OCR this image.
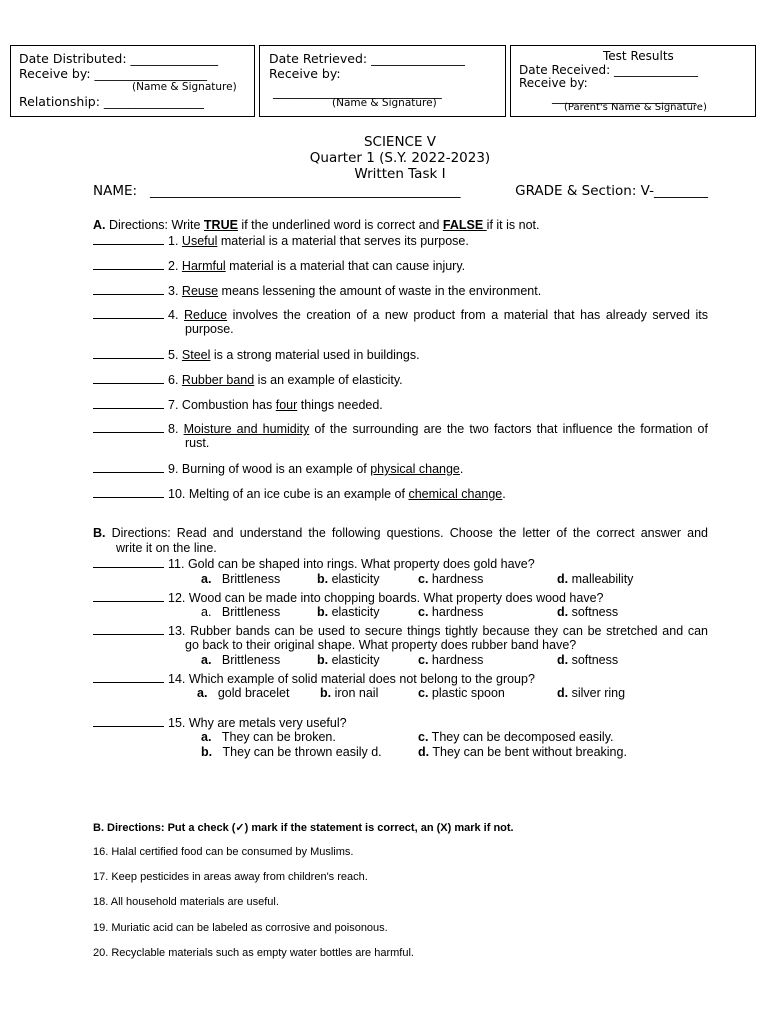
Date Distributed: ______________
Receive by: __________________
(Name & Signature)
Relationship: ________________
Date Retrieved: _______________
Receive by:
___________________________
(Name & Signature)
Test Results
Date Received: ______________
Receive by:
________________________
(Parent's Name & Signature)
SCIENCE V
Quarter 1 (S.Y. 2022-2023)
Written Task I
NAME: ______________________________________________	GRADE & Section: V-________
A. Directions: Write TRUE if the underlined word is correct and FALSE if it is not.
1. Useful material is a material that serves its purpose.
2. Harmful material is a material that can cause injury.
3. Reuse means lessening the amount of waste in the environment.
4. Reduce involves the creation of a new product from a material that has already served its
purpose.
5. Steel is a strong material used in buildings.
6. Rubber band is an example of elasticity.
7. Combustion has four things needed.
8. Moisture and humidity of the surrounding are the two factors that influence the formation of
rust.
9. Burning of wood is an example of physical change.
10. Melting of an ice cube is an example of chemical change.
B. Directions: Read and understand the following questions. Choose the letter of the correct answer and
write it on the line.
11. Gold can be shaped into rings. What property does gold have?
a. Brittleness	b. elasticity	c. hardness	d. malleability
12. Wood can be made into chopping boards. What property does wood have?
a. Brittleness	b. elasticity	c. hardness	d. softness
13. Rubber bands can be used to secure things tightly because they can be stretched and can
go back to their original shape. What property does rubber band have?
a. Brittleness	b. elasticity	c. hardness	d. softness
14. Which example of solid material does not belong to the group?
a. gold bracelet b. iron nail	c. plastic spoon	d. silver ring
15. Why are metals very useful?
a. They can be broken.	c. They can be decomposed easily.
b. They can be thrown easily d.	d. They can be bent without breaking.
B. Directions: Put a check (✓) mark if the statement is correct, an (X) mark if not.
16. Halal certified food can be consumed by Muslims.
17. Keep pesticides in areas away from children's reach.
18. All household materials are useful.
19. Muriatic acid can be labeled as corrosive and poisonous.
20. Recyclable materials such as empty water bottles are harmful.
